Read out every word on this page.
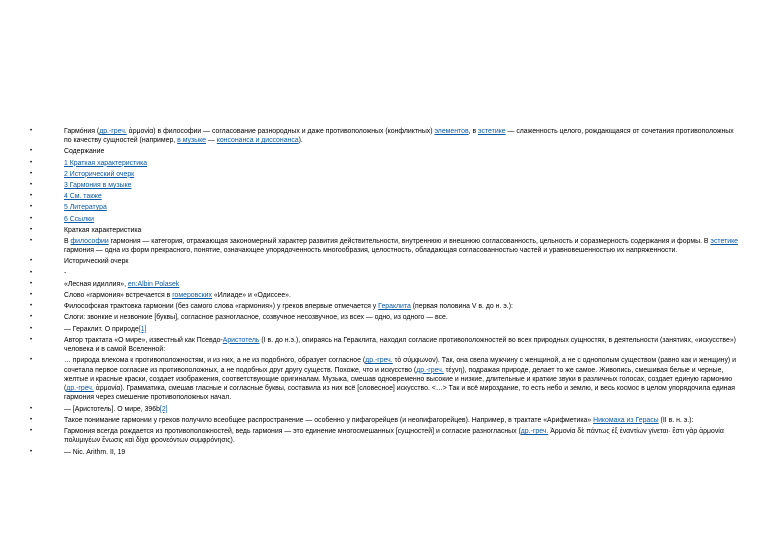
•	Гармо́ния (др.-греч. ἁρμονία) в философии — согласование разнородных и даже противоположных (конфликтных) элементов, в эстетике — слаженность целого, рождающаяся от сочетания противоположных по качеству сущностей (например, в музыке — консонанса и диссонанса).
•	Содержание
•	1 Краткая характеристика
•	2 Исторический очерк
•	3 Гармония в музыке
•	4 См. также
•	5 Литература
•	6 Ссылки
•	Краткая характеристика
•	В философии гармония — категория, отражающая закономерный характер развития действительности, внутреннюю и внешнюю согласованность, цельность и соразмерность содержания и формы. В эстетике гармония — одна из форм прекрасного, понятие, означающее упорядоченность многообразия, целостность, обладающая согласованностью частей и уравновешенностью их напряженности.
•	Исторический очерк
•	-
•	«Лесная идиллия», en:Albin Polasek
•	Слово «гармония» встречается в гомеровских «Илиаде» и «Одиссее».
•	Философская трактовка гармонии (без самого слова «гармония») у греков впервые отмечается у Гераклита (первая половина V в. до н. э.):
•	Слоги: звонкие и незвонкие [буквы], согласное разногласное, созвучное несозвучное, из всех — одно, из одного — все.
•	— Гераклит. О природе[1]
•	Автор трактата «О мире», известный как Псевдо-Аристотель (I в. до н.э.), опираясь на Гераклита, находил согласие противоположностей во всех природных сущностях, в деятельности (занятиях, «искусстве») человека и в самой Вселенной:
•	… природа влекома к противоположностям, и из них, а не из подобного, образует согласное (др.-греч. τὸ σύμφωνον). Так, она свела мужчину с женщиной, а не с однополым существом (равно как и женщину) и сочетала первое согласие из противоположных, а не подобных друг другу существ. Похоже, что и искусство (др.-греч. τέχνη), подражая природе, делает то же самое. Живопись, смешивая белые и черные, желтые и красные краски, создает изображения, соответствующие оригиналам. Музыка, смешав одновременно высокие и низкие, длительные и краткие звуки в различных голосах, создает единую гармонию (др.-греч. ἁρμονία). Грамматика, смешав гласные и согласные буквы, составила из них всё [словесное] искусство. <…> Так и всё мироздание, то есть небо и землю, и весь космос в целом упорядочила единая гармония через смешение противоположных начал.
•	— [Аристотель]. О мире, 396b[2]
•	Такое понимание гармонии у греков получило всеобщее распространение — особенно у пифагорейцев (и неопифагорейцев). Например, в трактате «Арифметика» Никомаха из Герасы (II в. н. э.):
•	Гармония всегда рождается из противоположностей, ведь гармония — это единение многосмешанных [сущностей] и согласие разногласных (др.-греч. Ἀρμονία δὲ πάντως ἐξ ἐναντίων γίνεται· ἔστι γὰρ ἁρμονία πολυμιγέων ἕνωσις καὶ δίχα φρονεόντων συμφρόνησις).
•	— Nic. Arithm. II, 19
